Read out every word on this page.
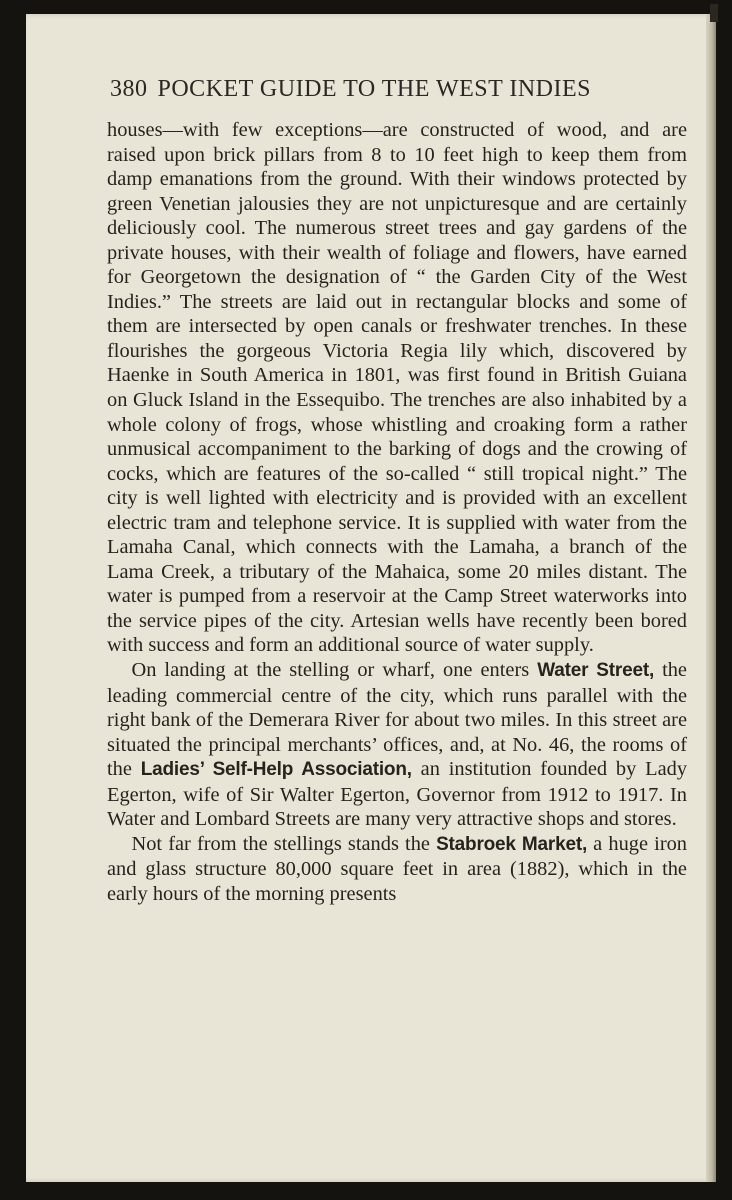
380 POCKET GUIDE TO THE WEST INDIES

houses—with few exceptions—are constructed of wood, and are raised upon brick pillars from 8 to 10 feet high to keep them from damp emanations from the ground. With their windows protected by green Venetian jalousies they are not unpicturesque and are certainly deliciously cool. The numerous street trees and gay gardens of the private houses, with their wealth of foliage and flowers, have earned for Georgetown the designation of “ the Garden City of the West Indies.” The streets are laid out in rectangular blocks and some of them are intersected by open canals or freshwater trenches. In these flourishes the gorgeous Victoria Regia lily which, discovered by Haenke in South America in 1801, was first found in British Guiana on Gluck Island in the Essequibo. The trenches are also inhabited by a whole colony of frogs, whose whistling and croaking form a rather unmusical accompaniment to the barking of dogs and the crowing of cocks, which are features of the so-called “ still tropical night.” The city is well lighted with electricity and is provided with an excellent electric tram and telephone service. It is supplied with water from the Lamaha Canal, which connects with the Lamaha, a branch of the Lama Creek, a tributary of the Mahaica, some 20 miles distant. The water is pumped from a reservoir at the Camp Street waterworks into the service pipes of the city. Artesian wells have recently been bored with success and form an additional source of water supply.

On landing at the stelling or wharf, one enters Water Street, the leading commercial centre of the city, which runs parallel with the right bank of the Demerara River for about two miles. In this street are situated the principal merchants’ offices, and, at No. 46, the rooms of the Ladies’ Self-Help Association, an institution founded by Lady Egerton, wife of Sir Walter Egerton, Governor from 1912 to 1917. In Water and Lombard Streets are many very attractive shops and stores.

Not far from the stellings stands the Stabroek Market, a huge iron and glass structure 80,000 square feet in area (1882), which in the early hours of the morning presents
